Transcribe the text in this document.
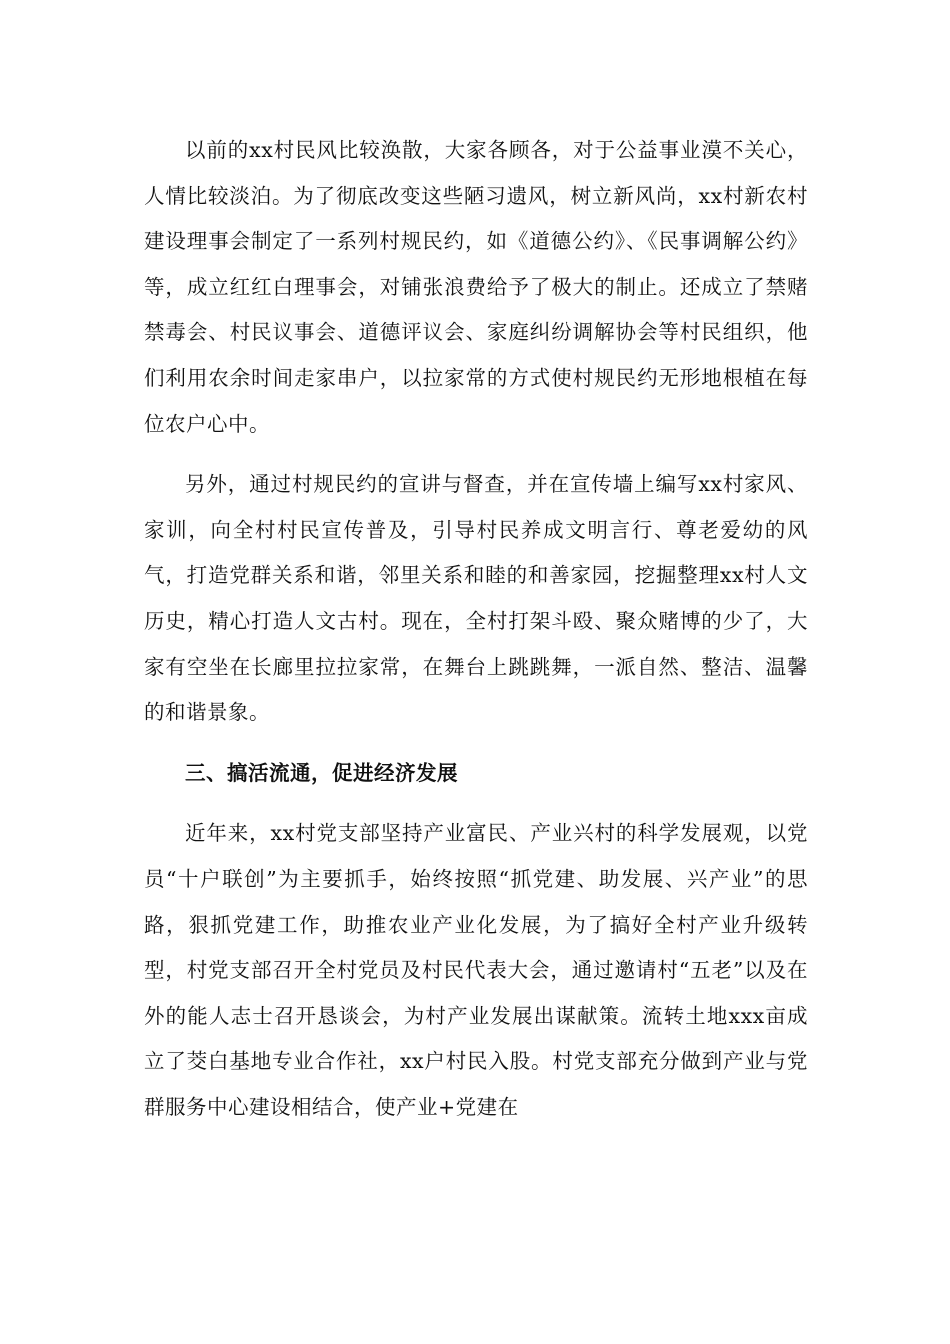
以前的xx村民风比较涣散，大家各顾各，对于公益事业漠不关心，人情比较淡泊。为了彻底改变这些陋习遗风，树立新风尚，xx村新农村建设理事会制定了一系列村规民约，如《道德公约》、《民事调解公约》等，成立红红白理事会，对铺张浪费给予了极大的制止。还成立了禁赌禁毒会、村民议事会、道德评议会、家庭纠纷调解协会等村民组织，他们利用农余时间走家串户，以拉家常的方式使村规民约无形地根植在每位农户心中。

另外，通过村规民约的宣讲与督查，并在宣传墙上编写xx村家风、家训，向全村村民宣传普及，引导村民养成文明言行、尊老爱幼的风气，打造党群关系和谐，邻里关系和睦的和善家园，挖掘整理xx村人文历史，精心打造人文古村。现在，全村打架斗殴、聚众赌博的少了，大家有空坐在长廊里拉拉家常，在舞台上跳跳舞，一派自然、整洁、温馨的和谐景象。

三、搞活流通，促进经济发展

近年来，xx村党支部坚持产业富民、产业兴村的科学发展观，以党员“十户联创”为主要抓手，始终按照“抓党建、助发展、兴产业”的思路，狠抓党建工作，助推农业产业化发展，为了搞好全村产业升级转型，村党支部召开全村党员及村民代表大会，通过邀请村“五老”以及在外的能人志士召开恳谈会，为村产业发展出谋献策。流转土地xxx亩成立了茭白基地专业合作社，xx户村民入股。村党支部充分做到产业与党群服务中心建设相结合，使产业+党建在
